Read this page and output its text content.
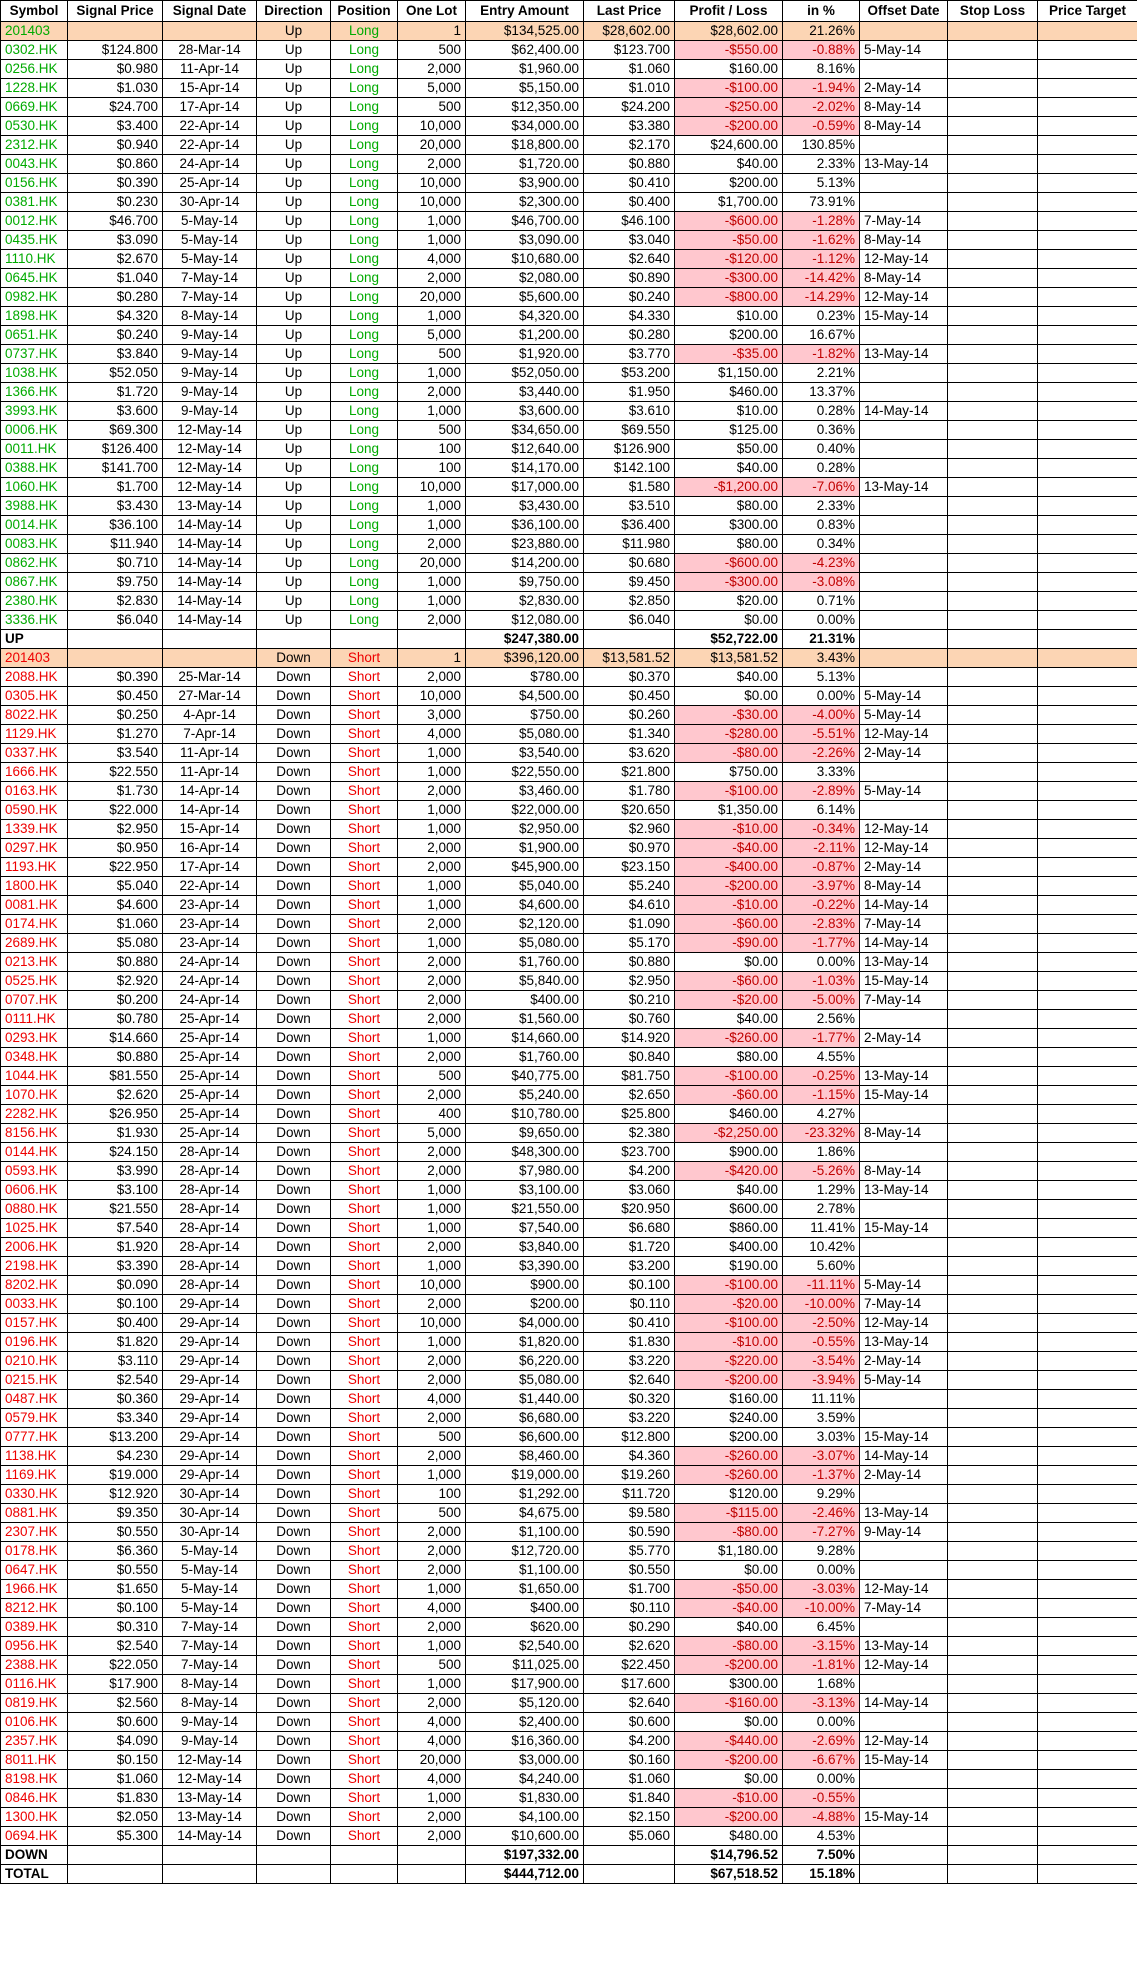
Symbol	Signal Price	Signal Date	Direction	Position	One Lot	Entry Amount	Last Price	Profit / Loss	in %	Offset Date	Stop Loss	Price Target
201403			Up	Long	1	$134,525.00	$28,602.00	$28,602.00	21.26%			
0302.HK	$124.800	28-Mar-14	Up	Long	500	$62,400.00	$123.700	-$550.00	-0.88%	5-May-14		
0256.HK	$0.980	11-Apr-14	Up	Long	2,000	$1,960.00	$1.060	$160.00	8.16%			
1228.HK	$1.030	15-Apr-14	Up	Long	5,000	$5,150.00	$1.010	-$100.00	-1.94%	2-May-14		
0669.HK	$24.700	17-Apr-14	Up	Long	500	$12,350.00	$24.200	-$250.00	-2.02%	8-May-14		
0530.HK	$3.400	22-Apr-14	Up	Long	10,000	$34,000.00	$3.380	-$200.00	-0.59%	8-May-14		
2312.HK	$0.940	22-Apr-14	Up	Long	20,000	$18,800.00	$2.170	$24,600.00	130.85%			
0043.HK	$0.860	24-Apr-14	Up	Long	2,000	$1,720.00	$0.880	$40.00	2.33%	13-May-14		
0156.HK	$0.390	25-Apr-14	Up	Long	10,000	$3,900.00	$0.410	$200.00	5.13%			
0381.HK	$0.230	30-Apr-14	Up	Long	10,000	$2,300.00	$0.400	$1,700.00	73.91%			
0012.HK	$46.700	5-May-14	Up	Long	1,000	$46,700.00	$46.100	-$600.00	-1.28%	7-May-14		
0435.HK	$3.090	5-May-14	Up	Long	1,000	$3,090.00	$3.040	-$50.00	-1.62%	8-May-14		
1110.HK	$2.670	5-May-14	Up	Long	4,000	$10,680.00	$2.640	-$120.00	-1.12%	12-May-14		
0645.HK	$1.040	7-May-14	Up	Long	2,000	$2,080.00	$0.890	-$300.00	-14.42%	8-May-14		
0982.HK	$0.280	7-May-14	Up	Long	20,000	$5,600.00	$0.240	-$800.00	-14.29%	12-May-14		
1898.HK	$4.320	8-May-14	Up	Long	1,000	$4,320.00	$4.330	$10.00	0.23%	15-May-14		
0651.HK	$0.240	9-May-14	Up	Long	5,000	$1,200.00	$0.280	$200.00	16.67%			
0737.HK	$3.840	9-May-14	Up	Long	500	$1,920.00	$3.770	-$35.00	-1.82%	13-May-14		
1038.HK	$52.050	9-May-14	Up	Long	1,000	$52,050.00	$53.200	$1,150.00	2.21%			
1366.HK	$1.720	9-May-14	Up	Long	2,000	$3,440.00	$1.950	$460.00	13.37%			
3993.HK	$3.600	9-May-14	Up	Long	1,000	$3,600.00	$3.610	$10.00	0.28%	14-May-14		
0006.HK	$69.300	12-May-14	Up	Long	500	$34,650.00	$69.550	$125.00	0.36%			
0011.HK	$126.400	12-May-14	Up	Long	100	$12,640.00	$126.900	$50.00	0.40%			
0388.HK	$141.700	12-May-14	Up	Long	100	$14,170.00	$142.100	$40.00	0.28%			
1060.HK	$1.700	12-May-14	Up	Long	10,000	$17,000.00	$1.580	-$1,200.00	-7.06%	13-May-14		
3988.HK	$3.430	13-May-14	Up	Long	1,000	$3,430.00	$3.510	$80.00	2.33%			
0014.HK	$36.100	14-May-14	Up	Long	1,000	$36,100.00	$36.400	$300.00	0.83%			
0083.HK	$11.940	14-May-14	Up	Long	2,000	$23,880.00	$11.980	$80.00	0.34%			
0862.HK	$0.710	14-May-14	Up	Long	20,000	$14,200.00	$0.680	-$600.00	-4.23%			
0867.HK	$9.750	14-May-14	Up	Long	1,000	$9,750.00	$9.450	-$300.00	-3.08%			
2380.HK	$2.830	14-May-14	Up	Long	1,000	$2,830.00	$2.850	$20.00	0.71%			
3336.HK	$6.040	14-May-14	Up	Long	2,000	$12,080.00	$6.040	$0.00	0.00%			
UP						$247,380.00		$52,722.00	21.31%			
201403			Down	Short	1	$396,120.00	$13,581.52	$13,581.52	3.43%			
2088.HK	$0.390	25-Mar-14	Down	Short	2,000	$780.00	$0.370	$40.00	5.13%			
0305.HK	$0.450	27-Mar-14	Down	Short	10,000	$4,500.00	$0.450	$0.00	0.00%	5-May-14		
8022.HK	$0.250	4-Apr-14	Down	Short	3,000	$750.00	$0.260	-$30.00	-4.00%	5-May-14		
1129.HK	$1.270	7-Apr-14	Down	Short	4,000	$5,080.00	$1.340	-$280.00	-5.51%	12-May-14		
0337.HK	$3.540	11-Apr-14	Down	Short	1,000	$3,540.00	$3.620	-$80.00	-2.26%	2-May-14		
1666.HK	$22.550	11-Apr-14	Down	Short	1,000	$22,550.00	$21.800	$750.00	3.33%			
0163.HK	$1.730	14-Apr-14	Down	Short	2,000	$3,460.00	$1.780	-$100.00	-2.89%	5-May-14		
0590.HK	$22.000	14-Apr-14	Down	Short	1,000	$22,000.00	$20.650	$1,350.00	6.14%			
1339.HK	$2.950	15-Apr-14	Down	Short	1,000	$2,950.00	$2.960	-$10.00	-0.34%	12-May-14		
0297.HK	$0.950	16-Apr-14	Down	Short	2,000	$1,900.00	$0.970	-$40.00	-2.11%	12-May-14		
1193.HK	$22.950	17-Apr-14	Down	Short	2,000	$45,900.00	$23.150	-$400.00	-0.87%	2-May-14		
1800.HK	$5.040	22-Apr-14	Down	Short	1,000	$5,040.00	$5.240	-$200.00	-3.97%	8-May-14		
0081.HK	$4.600	23-Apr-14	Down	Short	1,000	$4,600.00	$4.610	-$10.00	-0.22%	14-May-14		
0174.HK	$1.060	23-Apr-14	Down	Short	2,000	$2,120.00	$1.090	-$60.00	-2.83%	7-May-14		
2689.HK	$5.080	23-Apr-14	Down	Short	1,000	$5,080.00	$5.170	-$90.00	-1.77%	14-May-14		
0213.HK	$0.880	24-Apr-14	Down	Short	2,000	$1,760.00	$0.880	$0.00	0.00%	13-May-14		
0525.HK	$2.920	24-Apr-14	Down	Short	2,000	$5,840.00	$2.950	-$60.00	-1.03%	15-May-14		
0707.HK	$0.200	24-Apr-14	Down	Short	2,000	$400.00	$0.210	-$20.00	-5.00%	7-May-14		
0111.HK	$0.780	25-Apr-14	Down	Short	2,000	$1,560.00	$0.760	$40.00	2.56%			
0293.HK	$14.660	25-Apr-14	Down	Short	1,000	$14,660.00	$14.920	-$260.00	-1.77%	2-May-14		
0348.HK	$0.880	25-Apr-14	Down	Short	2,000	$1,760.00	$0.840	$80.00	4.55%			
1044.HK	$81.550	25-Apr-14	Down	Short	500	$40,775.00	$81.750	-$100.00	-0.25%	13-May-14		
1070.HK	$2.620	25-Apr-14	Down	Short	2,000	$5,240.00	$2.650	-$60.00	-1.15%	15-May-14		
2282.HK	$26.950	25-Apr-14	Down	Short	400	$10,780.00	$25.800	$460.00	4.27%			
8156.HK	$1.930	25-Apr-14	Down	Short	5,000	$9,650.00	$2.380	-$2,250.00	-23.32%	8-May-14		
0144.HK	$24.150	28-Apr-14	Down	Short	2,000	$48,300.00	$23.700	$900.00	1.86%			
0593.HK	$3.990	28-Apr-14	Down	Short	2,000	$7,980.00	$4.200	-$420.00	-5.26%	8-May-14		
0606.HK	$3.100	28-Apr-14	Down	Short	1,000	$3,100.00	$3.060	$40.00	1.29%	13-May-14		
0880.HK	$21.550	28-Apr-14	Down	Short	1,000	$21,550.00	$20.950	$600.00	2.78%			
1025.HK	$7.540	28-Apr-14	Down	Short	1,000	$7,540.00	$6.680	$860.00	11.41%	15-May-14		
2006.HK	$1.920	28-Apr-14	Down	Short	2,000	$3,840.00	$1.720	$400.00	10.42%			
2198.HK	$3.390	28-Apr-14	Down	Short	1,000	$3,390.00	$3.200	$190.00	5.60%			
8202.HK	$0.090	28-Apr-14	Down	Short	10,000	$900.00	$0.100	-$100.00	-11.11%	5-May-14		
0033.HK	$0.100	29-Apr-14	Down	Short	2,000	$200.00	$0.110	-$20.00	-10.00%	7-May-14		
0157.HK	$0.400	29-Apr-14	Down	Short	10,000	$4,000.00	$0.410	-$100.00	-2.50%	12-May-14		
0196.HK	$1.820	29-Apr-14	Down	Short	1,000	$1,820.00	$1.830	-$10.00	-0.55%	13-May-14		
0210.HK	$3.110	29-Apr-14	Down	Short	2,000	$6,220.00	$3.220	-$220.00	-3.54%	2-May-14		
0215.HK	$2.540	29-Apr-14	Down	Short	2,000	$5,080.00	$2.640	-$200.00	-3.94%	5-May-14		
0487.HK	$0.360	29-Apr-14	Down	Short	4,000	$1,440.00	$0.320	$160.00	11.11%			
0579.HK	$3.340	29-Apr-14	Down	Short	2,000	$6,680.00	$3.220	$240.00	3.59%			
0777.HK	$13.200	29-Apr-14	Down	Short	500	$6,600.00	$12.800	$200.00	3.03%	15-May-14		
1138.HK	$4.230	29-Apr-14	Down	Short	2,000	$8,460.00	$4.360	-$260.00	-3.07%	14-May-14		
1169.HK	$19.000	29-Apr-14	Down	Short	1,000	$19,000.00	$19.260	-$260.00	-1.37%	2-May-14		
0330.HK	$12.920	30-Apr-14	Down	Short	100	$1,292.00	$11.720	$120.00	9.29%			
0881.HK	$9.350	30-Apr-14	Down	Short	500	$4,675.00	$9.580	-$115.00	-2.46%	13-May-14		
2307.HK	$0.550	30-Apr-14	Down	Short	2,000	$1,100.00	$0.590	-$80.00	-7.27%	9-May-14		
0178.HK	$6.360	5-May-14	Down	Short	2,000	$12,720.00	$5.770	$1,180.00	9.28%			
0647.HK	$0.550	5-May-14	Down	Short	2,000	$1,100.00	$0.550	$0.00	0.00%			
1966.HK	$1.650	5-May-14	Down	Short	1,000	$1,650.00	$1.700	-$50.00	-3.03%	12-May-14		
8212.HK	$0.100	5-May-14	Down	Short	4,000	$400.00	$0.110	-$40.00	-10.00%	7-May-14		
0389.HK	$0.310	7-May-14	Down	Short	2,000	$620.00	$0.290	$40.00	6.45%			
0956.HK	$2.540	7-May-14	Down	Short	1,000	$2,540.00	$2.620	-$80.00	-3.15%	13-May-14		
2388.HK	$22.050	7-May-14	Down	Short	500	$11,025.00	$22.450	-$200.00	-1.81%	12-May-14		
0116.HK	$17.900	8-May-14	Down	Short	1,000	$17,900.00	$17.600	$300.00	1.68%			
0819.HK	$2.560	8-May-14	Down	Short	2,000	$5,120.00	$2.640	-$160.00	-3.13%	14-May-14		
0106.HK	$0.600	9-May-14	Down	Short	4,000	$2,400.00	$0.600	$0.00	0.00%			
2357.HK	$4.090	9-May-14	Down	Short	4,000	$16,360.00	$4.200	-$440.00	-2.69%	12-May-14		
8011.HK	$0.150	12-May-14	Down	Short	20,000	$3,000.00	$0.160	-$200.00	-6.67%	15-May-14		
8198.HK	$1.060	12-May-14	Down	Short	4,000	$4,240.00	$1.060	$0.00	0.00%			
0846.HK	$1.830	13-May-14	Down	Short	1,000	$1,830.00	$1.840	-$10.00	-0.55%			
1300.HK	$2.050	13-May-14	Down	Short	2,000	$4,100.00	$2.150	-$200.00	-4.88%	15-May-14		
0694.HK	$5.300	14-May-14	Down	Short	2,000	$10,600.00	$5.060	$480.00	4.53%			
DOWN						$197,332.00		$14,796.52	7.50%			
TOTAL						$444,712.00		$67,518.52	15.18%			
